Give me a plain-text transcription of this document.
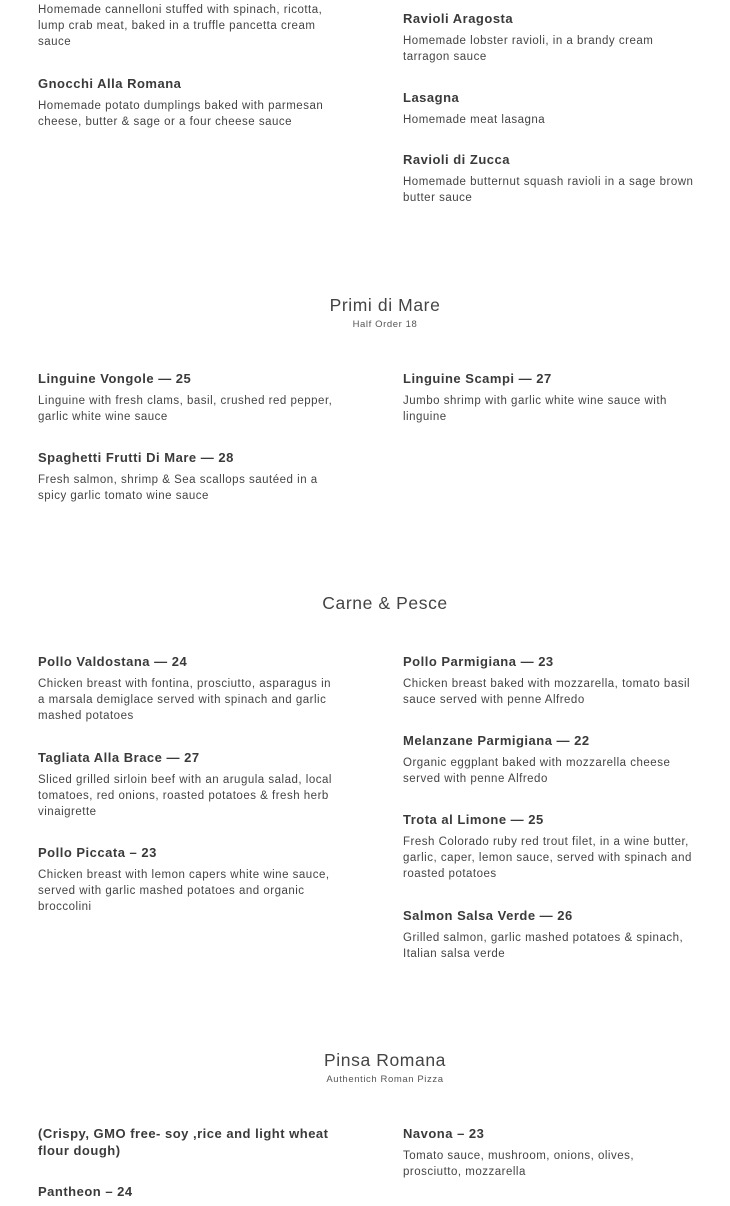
Homemade cannelloni stuffed with spinach, ricotta, lump crab meat, baked in a truffle pancetta cream sauce

Gnocchi Alla Romana

Homemade potato dumplings baked with parmesan cheese, butter & sage or a four cheese sauce

Ravioli Aragosta

Homemade lobster ravioli, in a brandy cream tarragon sauce

Lasagna

Homemade meat lasagna

Ravioli di Zucca

Homemade butternut squash ravioli in a sage brown butter sauce

Primi di Mare
Half Order 18

Linguine Vongole — 25

Linguine with fresh clams, basil, crushed red pepper, garlic white wine sauce

Spaghetti Frutti Di Mare — 28

Fresh salmon, shrimp & Sea scallops sautéed in a spicy garlic tomato wine sauce

Linguine Scampi — 27

Jumbo shrimp with garlic white wine sauce with linguine

Carne & Pesce

Pollo Valdostana — 24

Chicken breast with fontina, prosciutto, asparagus in a marsala demiglace served with spinach and garlic mashed potatoes

Tagliata Alla Brace — 27

Sliced grilled sirloin beef with an arugula salad, local tomatoes, red onions, roasted potatoes & fresh herb vinaigrette

Pollo Piccata – 23

Chicken breast with lemon capers white wine sauce, served with garlic mashed potatoes and organic broccolini

Pollo Parmigiana — 23

Chicken breast baked with mozzarella, tomato basil sauce served with penne Alfredo

Melanzane Parmigiana — 22

Organic eggplant baked with mozzarella cheese served with penne Alfredo

Trota al Limone — 25

Fresh Colorado ruby red trout filet, in a wine butter, garlic, caper, lemon sauce, served with spinach and roasted potatoes

Salmon Salsa Verde — 26

Grilled salmon, garlic mashed potatoes & spinach, Italian salsa verde

Pinsa Romana
Authentich Roman Pizza

(Crispy, GMO free- soy ,rice and light wheat flour dough)

Pantheon – 24

Navona – 23

Tomato sauce, mushroom, onions, olives, prosciutto, mozzarella
